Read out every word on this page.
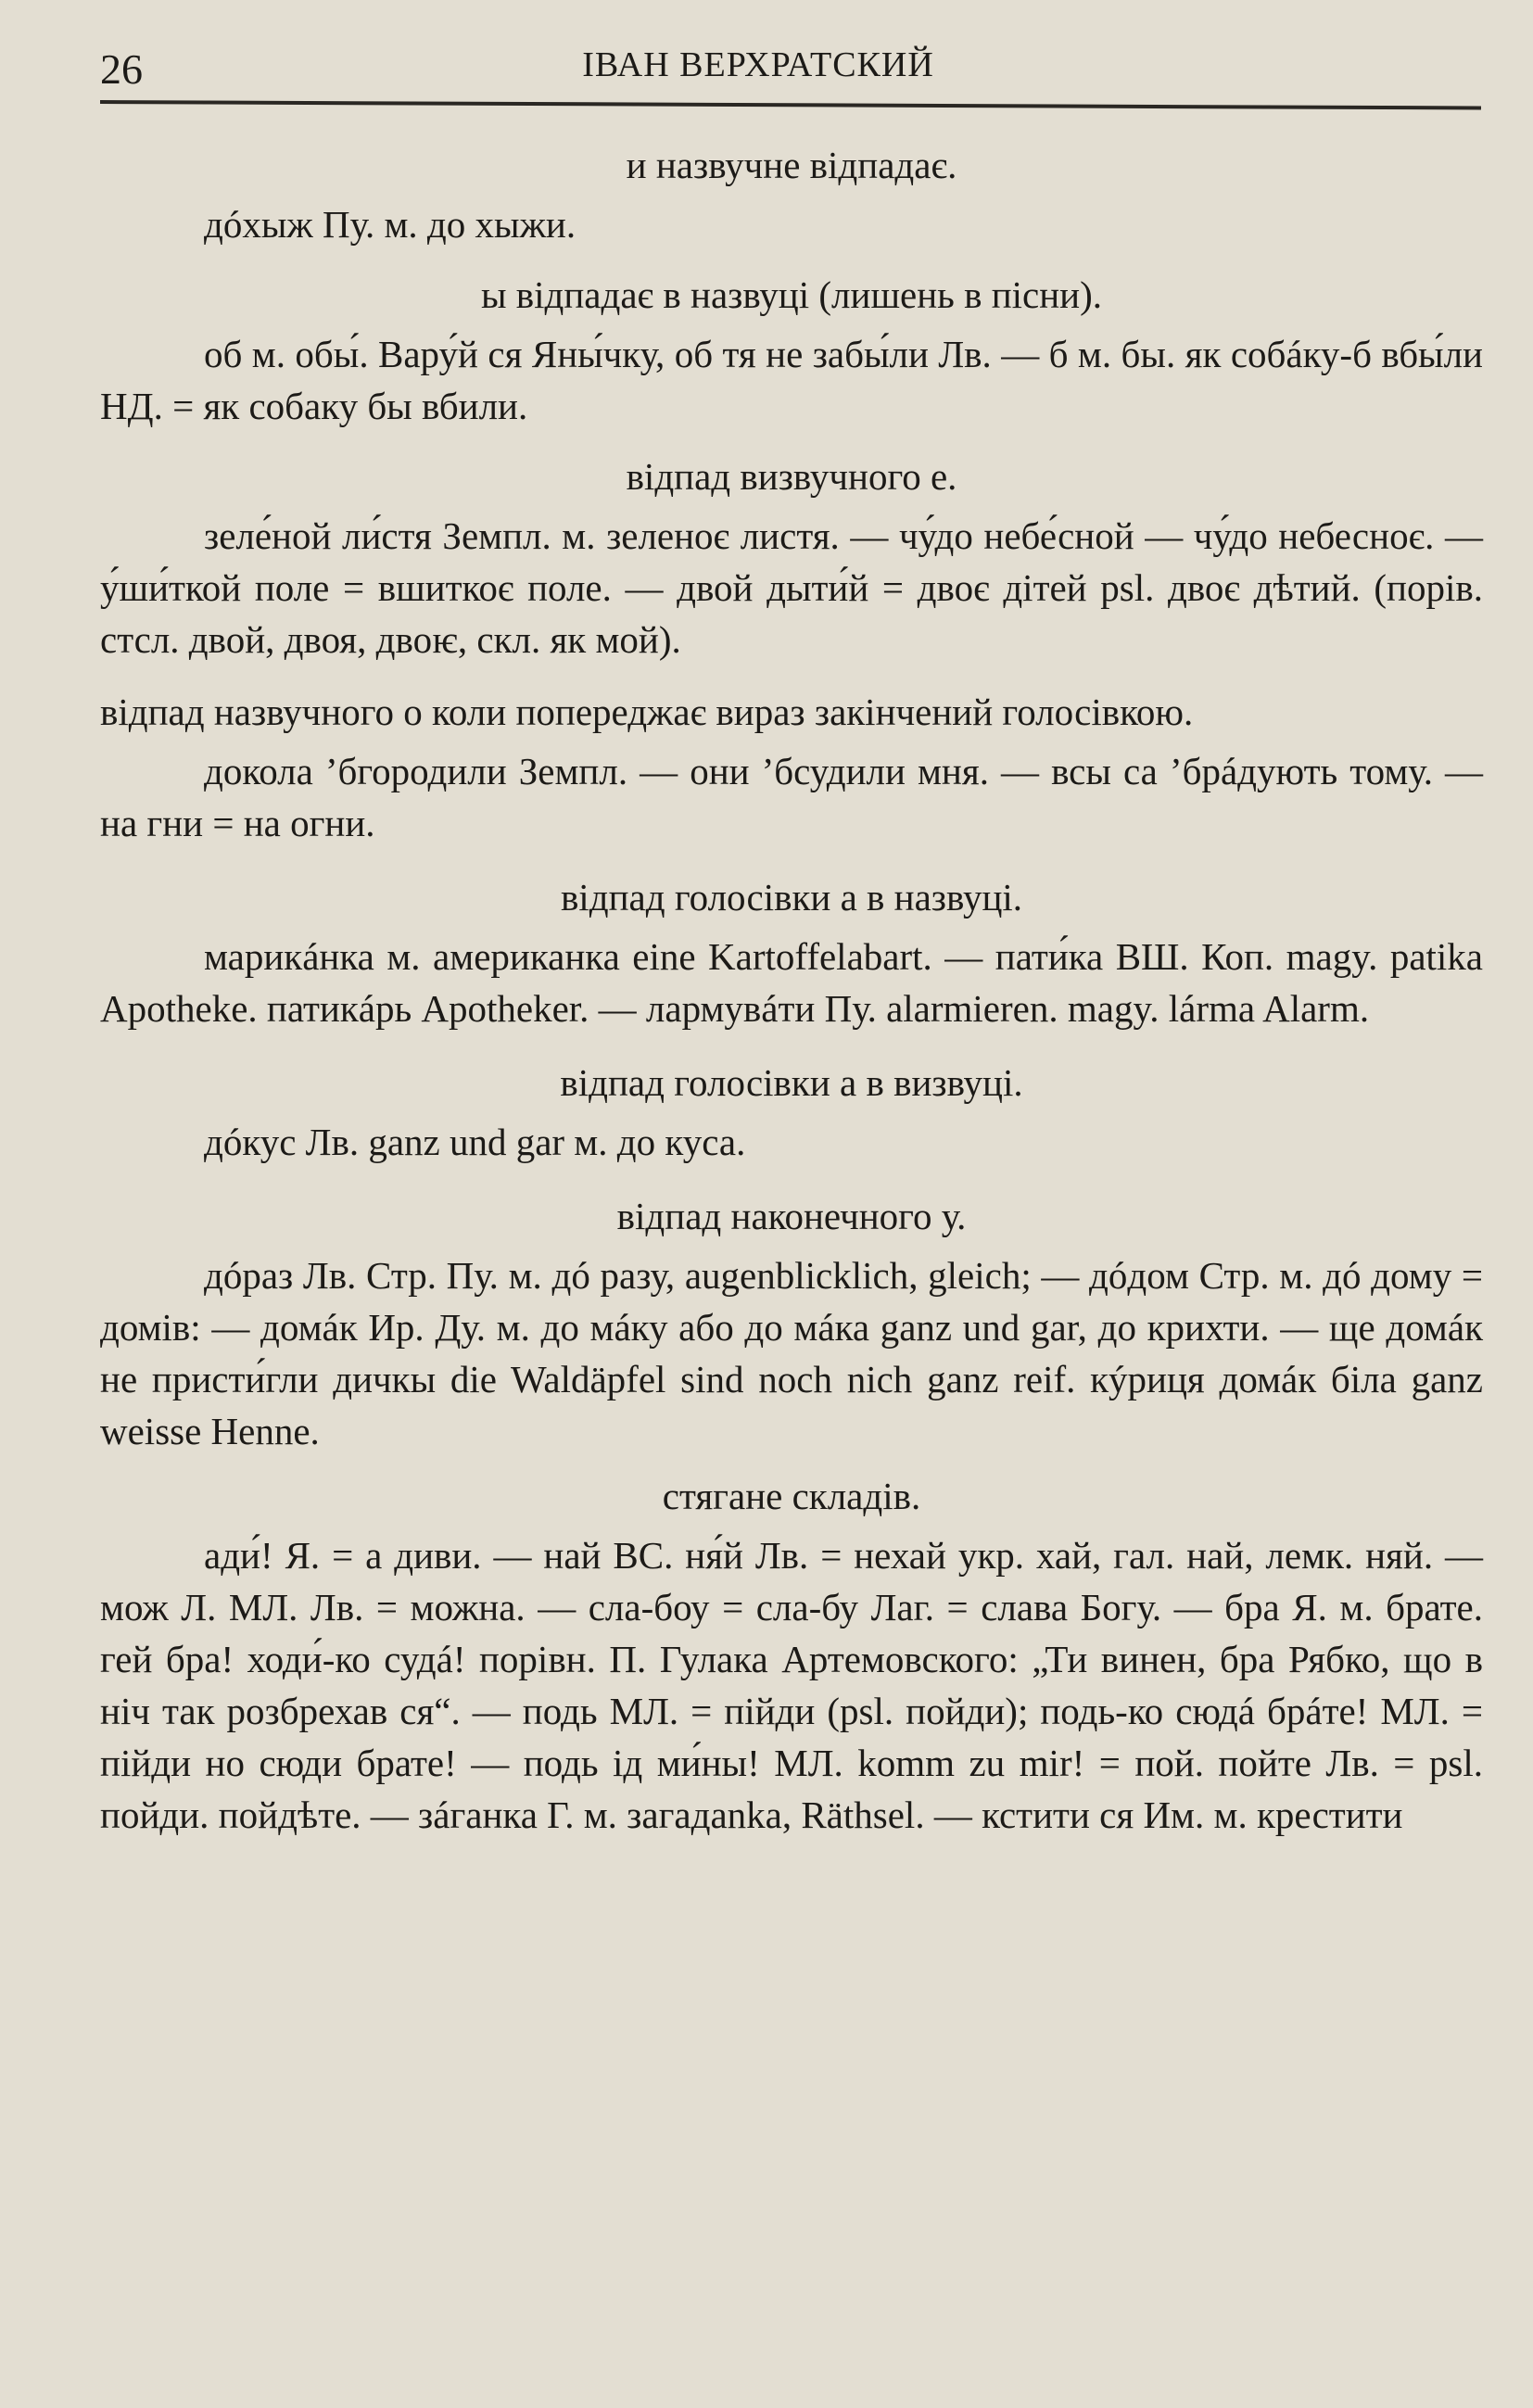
26	ІВАН ВЕРХРАТСКИЙ

и назвучне відпадає.

дóхыж Пу. м. до хыжи.

ы відпадає в назвуці (лишень в пісни).

об м. обы́. Вару́й ся Яны́чку, об тя не забы́ли Лв. — б м. бы. як собáку-б вбы́ли НД. = як собаку бы вбили.

відпад визвучного е.

зеле́ной ли́стя Земпл. м. зеленоє листя. — чу́до небе́сной — чу́до небесноє. — у́ши́ткой поле = вшиткоє поле. — двой дыти́й = двоє дітей psl. двоє дѣтий. (порів. стсл. двой, двоя, двоѥ, скл. як мой).

відпад назвучного о коли попереджає вираз закінчений голосівкою.

докола ’бгородили Земпл. — они ’бсудили мня. — всы са ’брáдують тому. — на гни = на огни.

відпад голосівки а в назвуці.

марикáнка м. американка eine Kartoffelabart. — пати́ка ВШ. Коп. magy. patika Apotheke. патикáрь Apotheker. — лармувáти Пу. alarmieren. magy. lárma Alarm.

відпад голосівки а в визвуці.

дóкус Лв. ganz und gar м. до куса.

відпад наконечного у.

дóраз Лв. Стр. Пу. м. дó разу, augenblicklich, gleich; — дóдом Стр. м. дó дому = домів: — домáк Ир. Ду. м. до мáку або до мáка ganz und gar, до крихти. — ще домáк не присти́гли дичкы die Waldäpfel sind noch nich ganz reif. кýриця домáк біла ganz weisse Henne.

стягане складів.

ади́! Я. = а диви. — най ВС. ня́й Лв. = нехай укр. хай, гал. най, лемк. няй. — мож Л. МЛ. Лв. = можна. — сла-боу = сла-бу Лаг. = слава Богу. — бра Я. м. брате. гей бра! ходи́-ко судá! порівн. П. Гулака Артемовского: „Ти винен, бра Рябко, що в ніч так розбрехав ся“. — подь МЛ. = пійди (psl. пойди); подь-ко сюдá брáте! МЛ. = пійди но сюди брате! — подь ід ми́ны! МЛ. komm zu mir! = пой. пойте Лв. = psl. пойди. пойдѣте. — зáганка Г. м. загадanka, Räthsel. — кстити ся Им. м. крестити
